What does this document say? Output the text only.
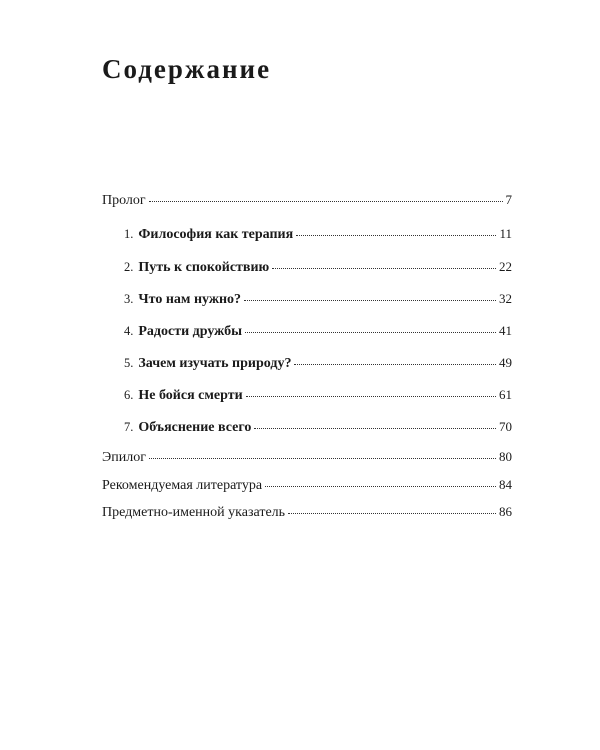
Содержание
Пролог	7
1. Философия как терапия	11
2. Путь к спокойствию	22
3. Что нам нужно?	32
4. Радости дружбы	41
5. Зачем изучать природу?	49
6. Не бойся смерти	61
7. Объяснение всего	70
Эпилог	80
Рекомендуемая литература	84
Предметно-именной указатель	86
